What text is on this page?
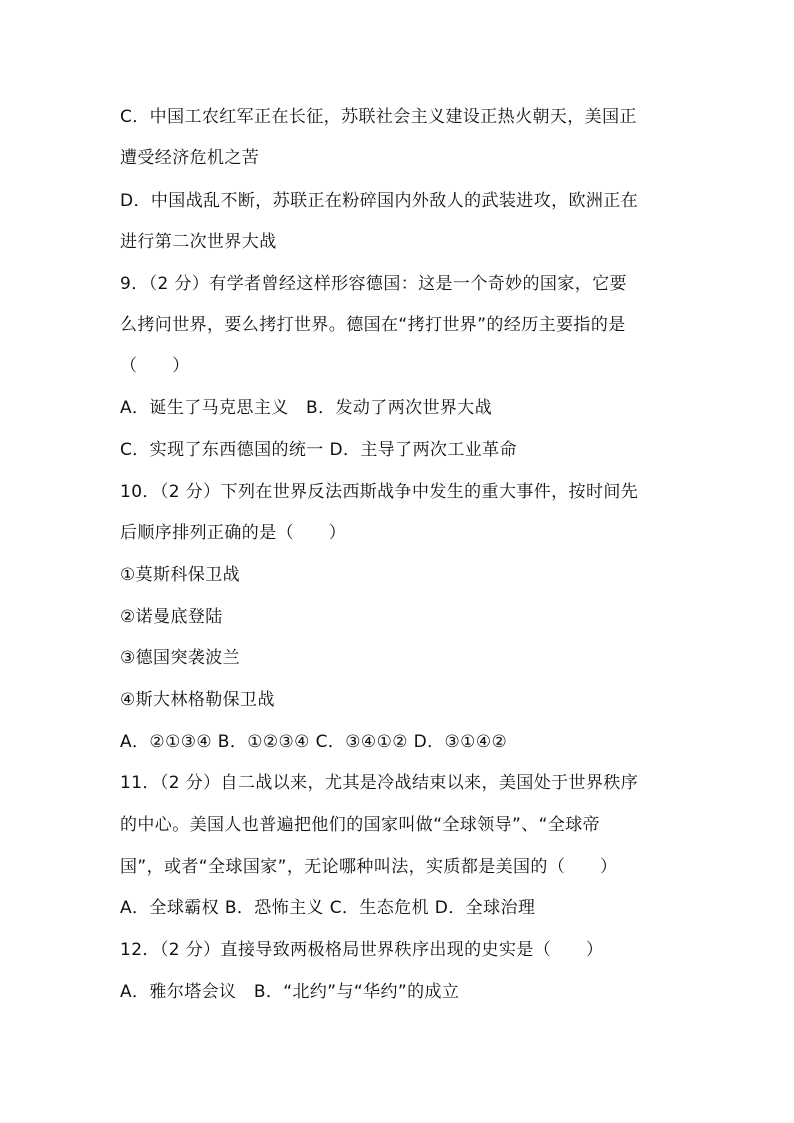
C．中国工农红军正在长征，苏联社会主义建设正热火朝天，美国正
遭受经济危机之苦
D．中国战乱不断，苏联正在粉碎国内外敌人的武装进攻，欧洲正在
进行第二次世界大战
9．（2 分）有学者曾经这样形容德国：这是一个奇妙的国家，它要
么拷问世界，要么拷打世界。德国在“拷打世界”的经历主要指的是
（　　）
A．诞生了马克思主义　B．发动了两次世界大战
C．实现了东西德国的统一 D．主导了两次工业革命
10．（2 分）下列在世界反法西斯战争中发生的重大事件，按时间先
后顺序排列正确的是（　　）
①莫斯科保卫战
②诺曼底登陆
③德国突袭波兰
④斯大林格勒保卫战
A．②①③④ B．①②③④ C．③④①② D．③①④②
11．（2 分）自二战以来，尤其是冷战结束以来，美国处于世界秩序
的中心。美国人也普遍把他们的国家叫做“全球领导”、“全球帝
国”，或者“全球国家”，无论哪种叫法，实质都是美国的（　　）
A．全球霸权 B．恐怖主义 C．生态危机 D．全球治理
12．（2 分）直接导致两极格局世界秩序出现的史实是（　　）
A．雅尔塔会议　B．“北约”与“华约”的成立
